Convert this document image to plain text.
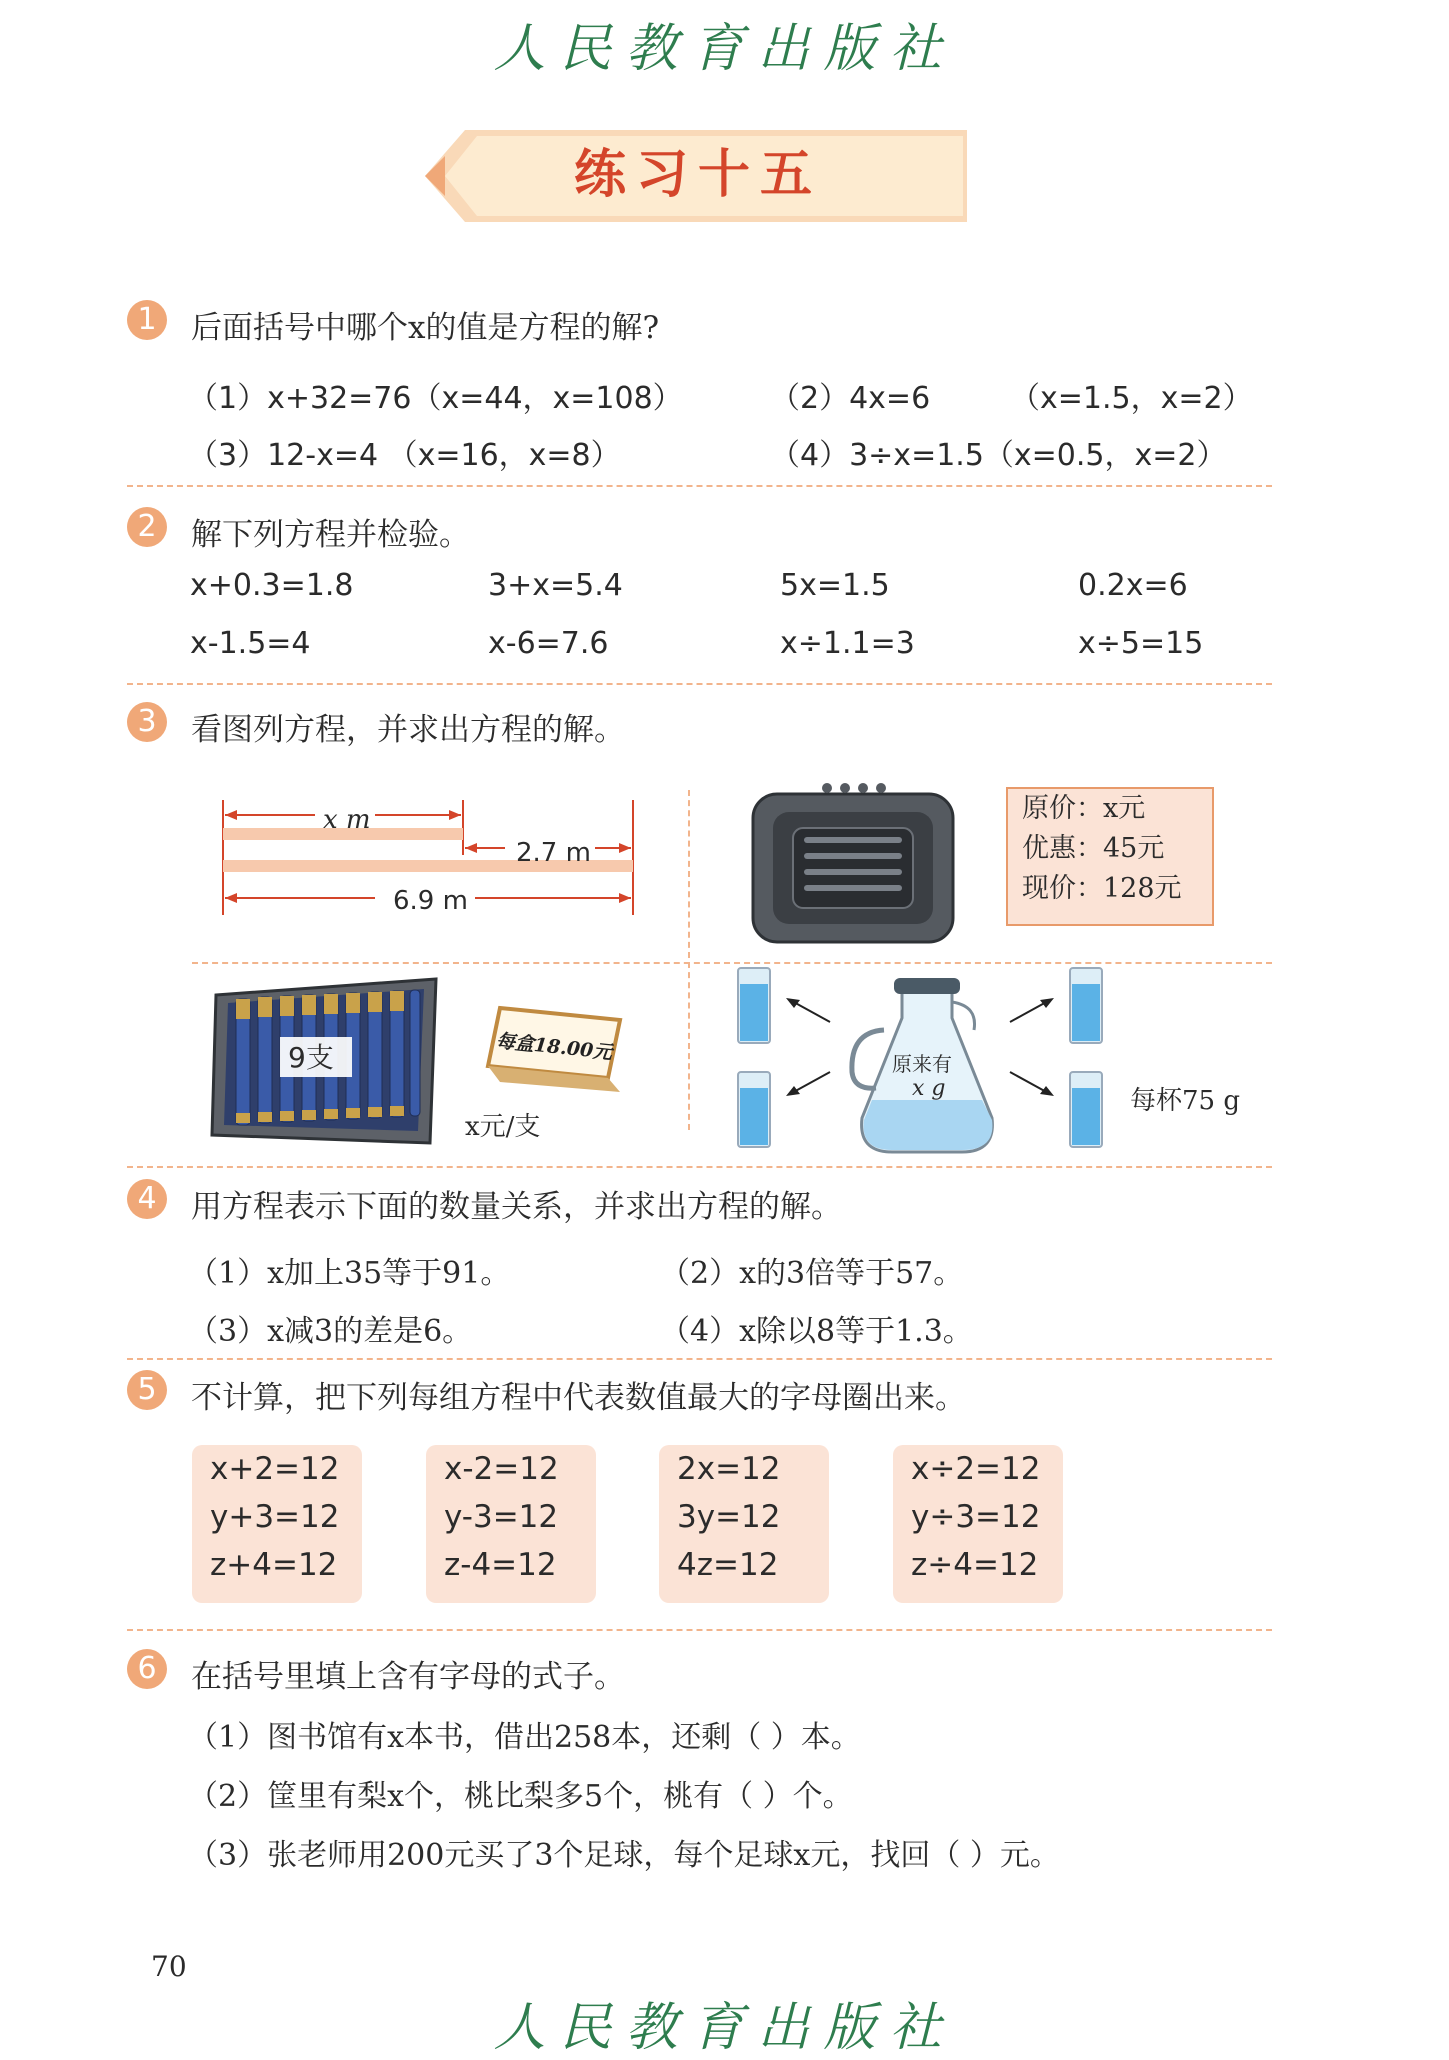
人民教育出版社
练习十五
1	后面括号中哪个x的值是方程的解?
（1）x+32=76（x=44，x=108）	（2）4x=6	（x=1.5，x=2）
（3）12-x=4 （x=16，x=8）	（4）3÷x=1.5（x=0.5，x=2）
2	解下列方程并检验。
x+0.3=1.8	3+x=5.4	5x=1.5	0.2x=6
x-1.5=4	x-6=7.6	x÷1.1=3	x÷5=15
3	看图列方程，并求出方程的解。
x m
2.7 m
6.9 m
原价：x元
优惠：45元
现价：128元
9支	每盒18.00元
x元/支
原来有
x g	每杯75 g
4	用方程表示下面的数量关系，并求出方程的解。
（1）x加上35等于91。	（2）x的3倍等于57。
（3）x减3的差是6。	（4）x除以8等于1.3。
5	不计算，把下列每组方程中代表数值最大的字母圈出来。
x+2=12
y+3=12
z+4=12
x-2=12
y-3=12
z-4=12
2x=12
3y=12
4z=12
x÷2=12
y÷3=12
z÷4=12
6	在括号里填上含有字母的式子。
（1）图书馆有x本书，借出258本，还剩（ ）本。
（2）筐里有梨x个，桃比梨多5个，桃有（ ）个。
（3）张老师用200元买了3个足球，每个足球x元，找回（ ）元。
70
人民教育出版社
